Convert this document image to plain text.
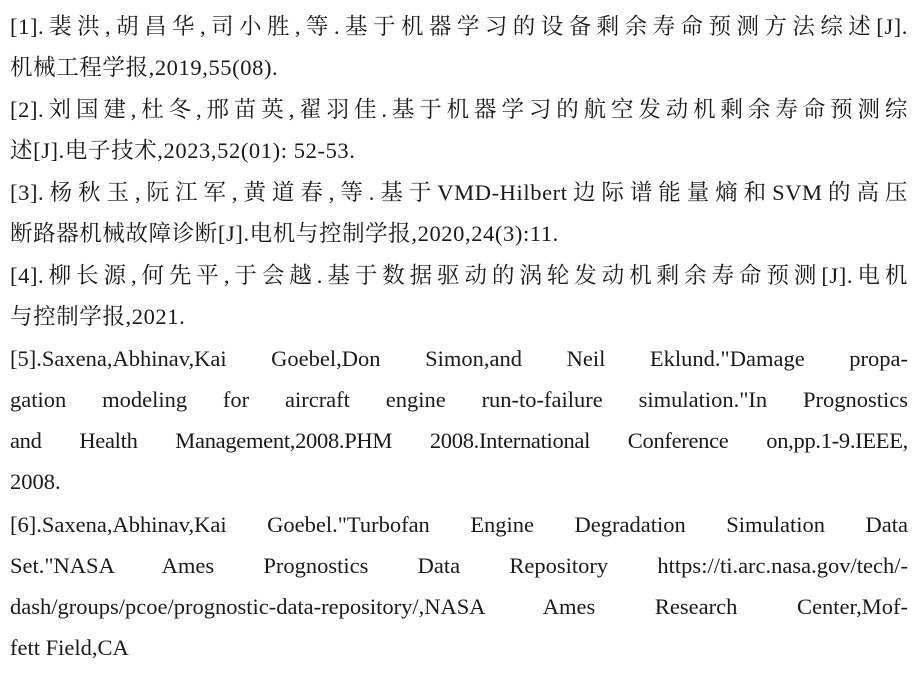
[1].裴洪,胡昌华,司小胜,等.基于机器学习的设备剩余寿命预测方法综述[J].
机械工程学报,2019,55(08).
[2].刘国建,杜冬,邢苗英,翟羽佳.基于机器学习的航空发动机剩余寿命预测综
述[J].电子技术,2023,52(01): 52-53.
[3].杨秋玉,阮江军,黄道春,等.基于VMD-Hilbert边际谱能量熵和SVM的高压
断路器机械故障诊断[J].电机与控制学报,2020,24(3):11.
[4].柳长源,何先平,于会越.基于数据驱动的涡轮发动机剩余寿命预测[J].电机
与控制学报,2021.
[5].Saxena,Abhinav,Kai Goebel,Don Simon,and Neil Eklund."Damage propa-
gation modeling for aircraft engine run-to-failure simulation."In Prognostics
and Health Management,2008.PHM 2008.International Conference on,pp.1-9.IEEE,
2008.
[6].Saxena,Abhinav,Kai Goebel."Turbofan Engine Degradation Simulation Data
Set."NASA Ames Prognostics Data Repository https://ti.arc.nasa.gov/tech/-
dash/groups/pcoe/prognostic-data-repository/,NASA Ames Research Center,Mof-
fett Field,CA
